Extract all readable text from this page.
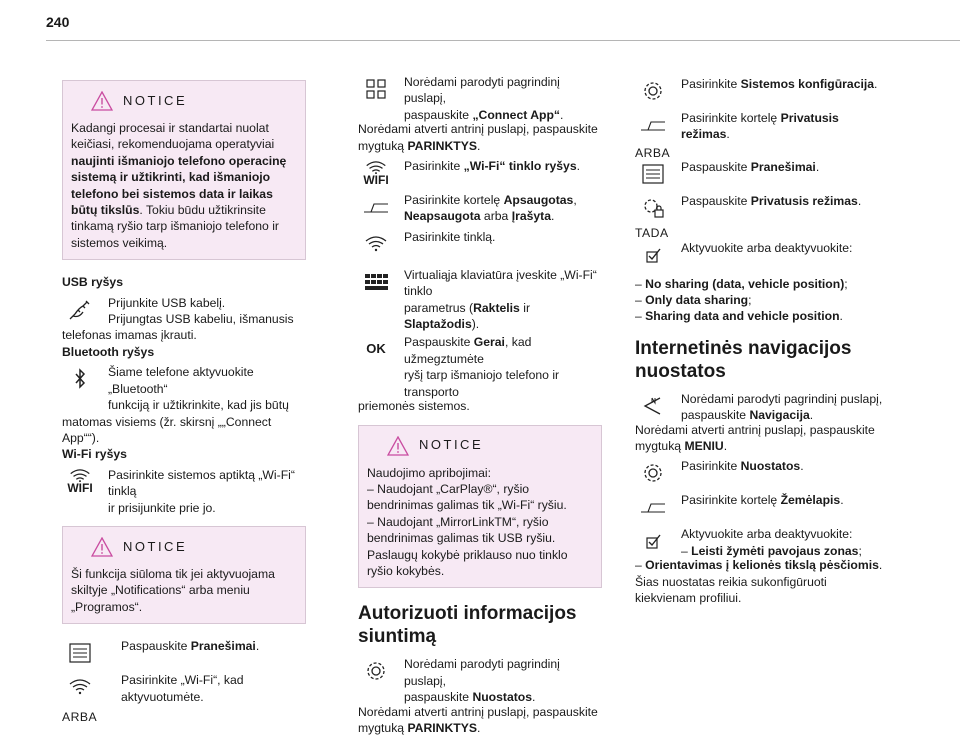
240
NOTICE
Kadangi procesai ir standartai nuolat keičiasi, rekomenduojama operatyviai naujinti išmaniojo telefono operacinę sistemą ir užtikrinti, kad išmaniojo telefono bei sistemos data ir laikas būtų tikslūs. Tokiu būdu užtikrinsite tinkamą ryšio tarp išmaniojo telefono ir sistemos veikimą.
USB ryšys
Prijunkite USB kabelį.
Prijungtas USB kabeliu, išmanusis
telefonas imamas įkrauti.
Bluetooth ryšys
Šiame telefone aktyvuokite „Bluetooth“
funkciją ir užtikrinkite, kad jis būtų
matomas visiems (žr. skirsnį „„Connect App““).
Wi-Fi ryšys
WIFI
Pasirinkite sistemos aptiktą „Wi-Fi“ tinklą
ir prisijunkite prie jo.
NOTICE
Ši funkcija siūloma tik jei aktyvuojama skiltyje „Notifications“ arba meniu „Programos“.
Paspauskite Pranešimai.
Pasirinkite „Wi-Fi“, kad aktyvuotumėte.
ARBA
Norėdami parodyti pagrindinį puslapį,
paspauskite „Connect App“.
Norėdami atverti antrinį puslapį, paspauskite
mygtuką PARINKTYS.
WIFI
Pasirinkite „Wi-Fi“ tinklo ryšys.
Pasirinkite kortelę Apsaugotas,
Neapsaugota arba Įrašyta.
Pasirinkite tinklą.
Virtualiąja klaviatūra įveskite „Wi-Fi“ tinklo
parametrus (Raktelis ir Slaptažodis).
OK	Paspauskite Gerai, kad užmegztumėte
ryšį tarp išmaniojo telefono ir transporto
priemonės sistemos.
NOTICE
Naudojimo apribojimai:
– Naudojant „CarPlay®“, ryšio bendrinimas galimas tik „Wi-Fi“ ryšiu.
– Naudojant „MirrorLinkTM“, ryšio bendrinimas galimas tik USB ryšiu.
Paslaugų kokybė priklauso nuo tinklo ryšio kokybės.
Autorizuoti informacijos siuntimą
Norėdami parodyti pagrindinį puslapį,
paspauskite Nuostatos.
Norėdami atverti antrinį puslapį, paspauskite
mygtuką PARINKTYS.
Pasirinkite Sistemos konfigūracija.
Pasirinkite kortelę Privatusis režimas.
ARBA
Paspauskite Pranešimai.
Paspauskite Privatusis režimas.
TADA
Aktyvuokite arba deaktyvuokite:
– No sharing (data, vehicle position);
– Only data sharing;
– Sharing data and vehicle position.
Internetinės navigacijos nuostatos
Norėdami parodyti pagrindinį puslapį,
paspauskite Navigacija.
Norėdami atverti antrinį puslapį, paspauskite
mygtuką MENIU.
Pasirinkite Nuostatos.
Pasirinkite kortelę Žemėlapis.
Aktyvuokite arba deaktyvuokite:
– Leisti žymėti pavojaus zonas;
– Orientavimas į kelionės tikslą pėsčiomis.
Šias nuostatas reikia sukonfigūruoti kiekvienam profiliui.
